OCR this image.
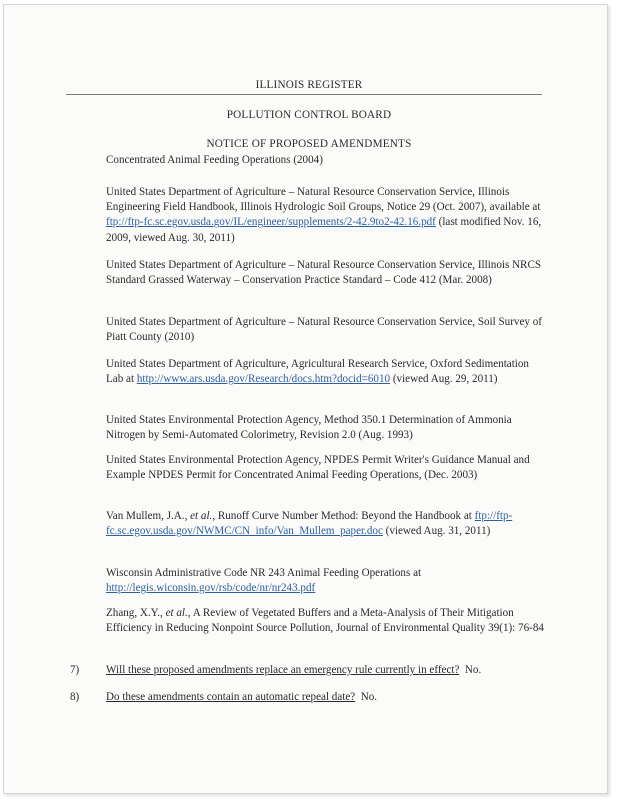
ILLINOIS REGISTER
POLLUTION CONTROL BOARD
NOTICE OF PROPOSED AMENDMENTS
Concentrated Animal Feeding Operations (2004)
United States Department of Agriculture – Natural Resource Conservation Service, Illinois Engineering Field Handbook, Illinois Hydrologic Soil Groups, Notice 29 (Oct. 2007), available at ftp://ftp-fc.sc.egov.usda.gov/IL/engineer/supplements/2-42.9to2-42.16.pdf (last modified Nov. 16, 2009, viewed Aug. 30, 2011)
United States Department of Agriculture – Natural Resource Conservation Service, Illinois NRCS Standard Grassed Waterway – Conservation Practice Standard – Code 412 (Mar. 2008)
United States Department of Agriculture – Natural Resource Conservation Service, Soil Survey of Piatt County (2010)
United States Department of Agriculture, Agricultural Research Service, Oxford Sedimentation Lab at http://www.ars.usda.gov/Research/docs.htm?docid=6010 (viewed Aug. 29, 2011)
United States Environmental Protection Agency, Method 350.1 Determination of Ammonia Nitrogen by Semi-Automated Colorimetry, Revision 2.0 (Aug. 1993)
United States Environmental Protection Agency, NPDES Permit Writer's Guidance Manual and Example NPDES Permit for Concentrated Animal Feeding Operations, (Dec. 2003)
Van Mullem, J.A., et al., Runoff Curve Number Method: Beyond the Handbook at ftp://ftp-fc.sc.egov.usda.gov/NWMC/CN_info/Van_Mullem_paper.doc (viewed Aug. 31, 2011)
Wisconsin Administrative Code NR 243 Animal Feeding Operations at http://legis.wiconsin.gov/rsb/code/nr/nr243.pdf
Zhang, X.Y., et al., A Review of Vegetated Buffers and a Meta-Analysis of Their Mitigation Efficiency in Reducing Nonpoint Source Pollution, Journal of Environmental Quality 39(1): 76-84
7) Will these proposed amendments replace an emergency rule currently in effect?  No.
8) Do these amendments contain an automatic repeal date?  No.
